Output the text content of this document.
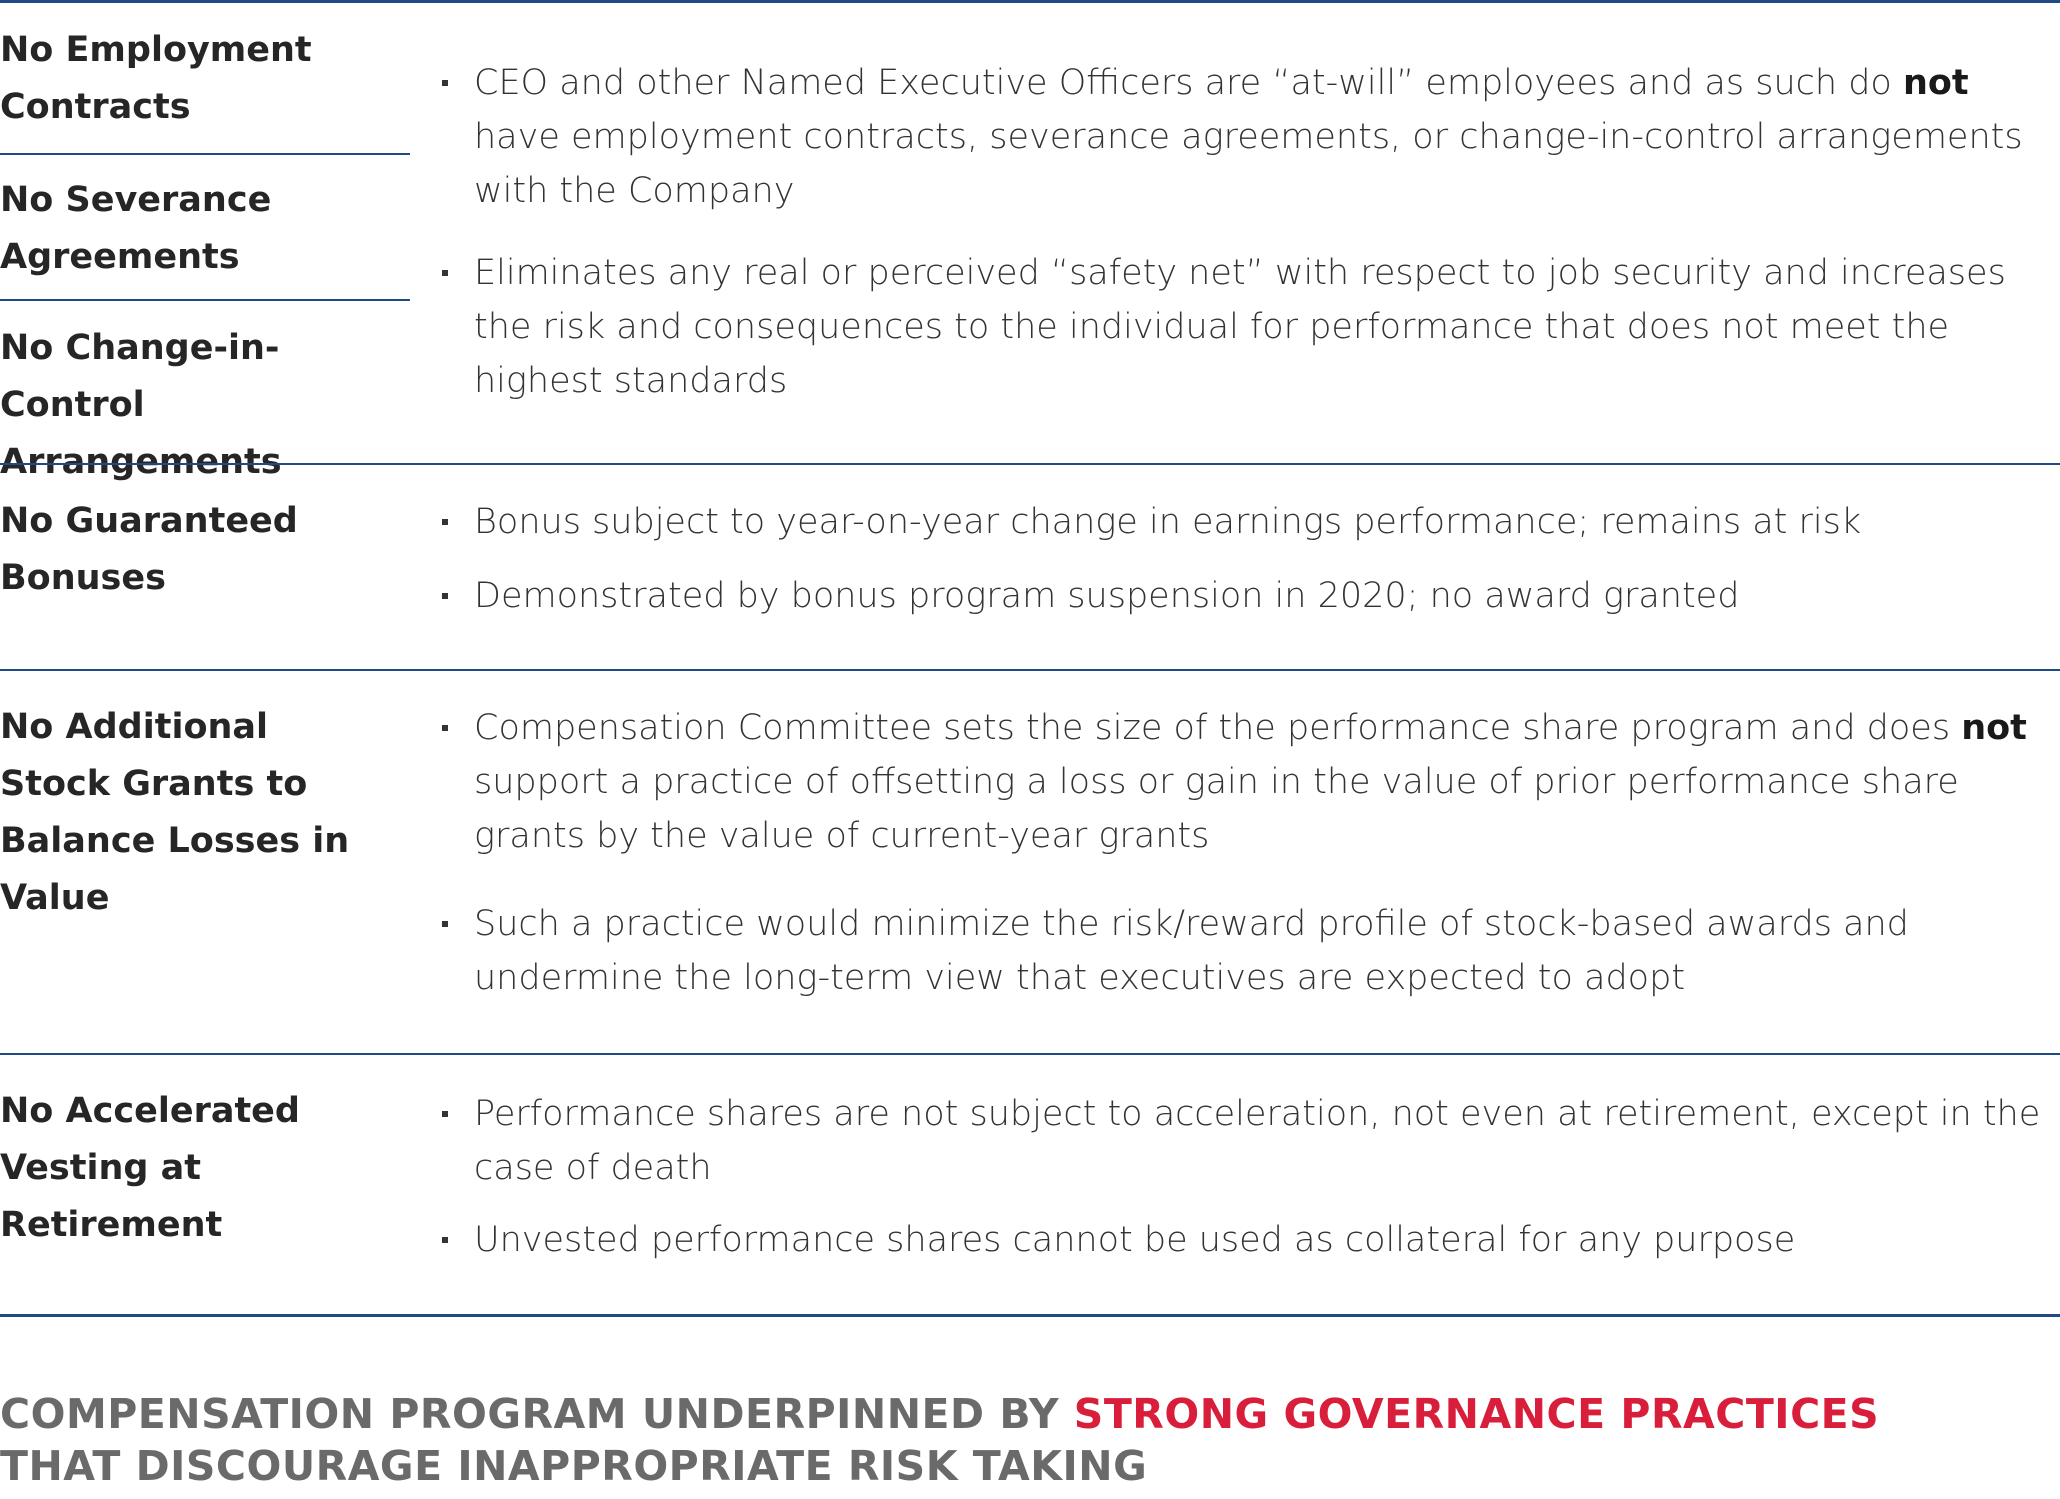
No Employment Contracts
No Severance Agreements
No Change-in-Control Arrangements
CEO and other Named Executive Officers are “at-will” employees and as such do not have employment contracts, severance agreements, or change-in-control arrangements with the Company
Eliminates any real or perceived “safety net” with respect to job security and increases the risk and consequences to the individual for performance that does not meet the highest standards
No Guaranteed Bonuses
Bonus subject to year-on-year change in earnings performance; remains at risk
Demonstrated by bonus program suspension in 2020; no award granted
No Additional Stock Grants to Balance Losses in Value
Compensation Committee sets the size of the performance share program and does not support a practice of offsetting a loss or gain in the value of prior performance share grants by the value of current-year grants
Such a practice would minimize the risk/reward profile of stock-based awards and undermine the long-term view that executives are expected to adopt
No Accelerated Vesting at Retirement
Performance shares are not subject to acceleration, not even at retirement, except in the case of death
Unvested performance shares cannot be used as collateral for any purpose
COMPENSATION PROGRAM UNDERPINNED BY STRONG GOVERNANCE PRACTICES
THAT DISCOURAGE INAPPROPRIATE RISK TAKING
